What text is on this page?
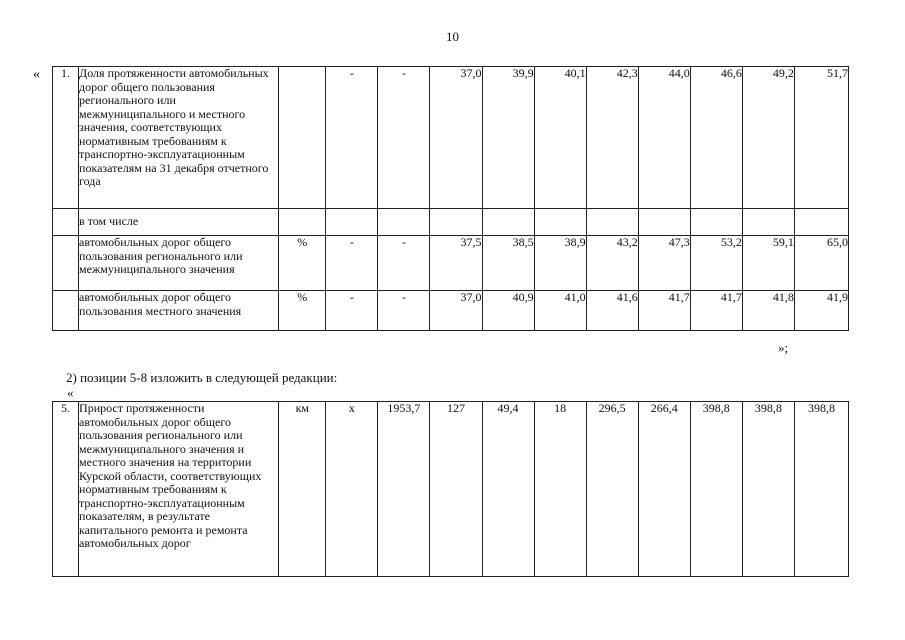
10
« 1.	Доля протяженности автомобильных дорог общего пользования регионального или межмуниципального и местного значения, соответствующих нормативным требованиям к транспортно-эксплуатационным показателям на 31 декабря отчетного года		-	-	37,0	39,9	40,1	42,3	44,0	46,6	49,2	51,7
	в том числе											
	автомобильных дорог общего пользования регионального или межмуниципального значения	%	-	-	37,5	38,5	38,9	43,2	47,3	53,2	59,1	65,0
	автомобильных дорог общего пользования местного значения	%	-	-	37,0	40,9	41,0	41,6	41,7	41,7	41,8	41,9
»;
2) позиции 5-8 изложить в следующей редакции:
«
5.	Прирост протяженности автомобильных дорог общего пользования регионального или межмуниципального значения и местного значения на территории Курской области, соответствующих нормативным требованиям к транспортно-эксплуатационным показателям, в результате капитального ремонта и ремонта автомобильных дорог	км	x	1953,7	127	49,4	18	296,5	266,4	398,8	398,8	398,8
